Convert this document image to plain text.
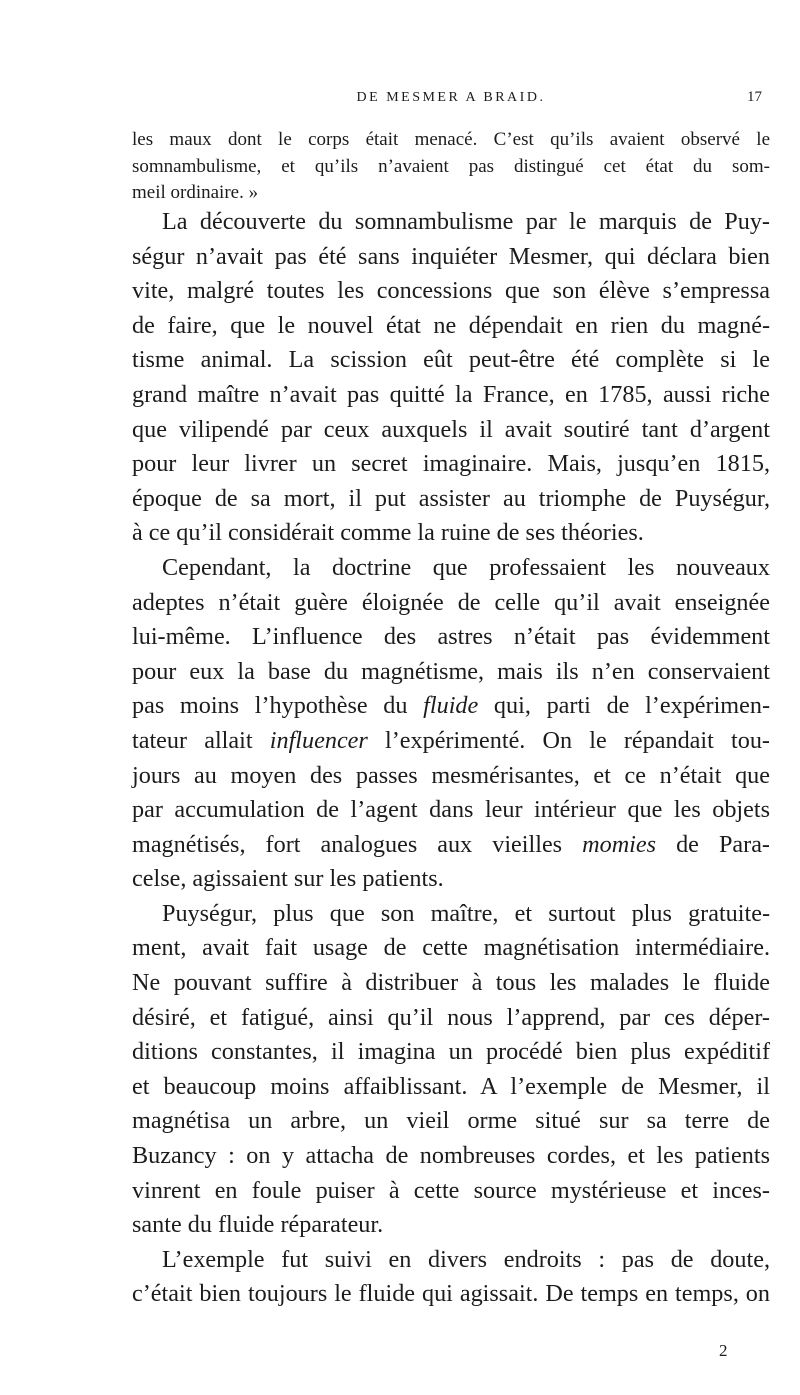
DE MESMER A BRAID.	17
les maux dont le corps était menacé. C’est qu’ils avaient observé le
somnambulisme, et qu’ils n’avaient pas distingué cet état du som-
meil ordinaire. »
La découverte du somnambulisme par le marquis de Puy-
ségur n’avait pas été sans inquiéter Mesmer, qui déclara bien
vite, malgré toutes les concessions que son élève s’empressa
de faire, que le nouvel état ne dépendait en rien du magné-
tisme animal. La scission eût peut-être été complète si le
grand maître n’avait pas quitté la France, en 1785, aussi riche
que vilipendé par ceux auxquels il avait soutiré tant d’argent
pour leur livrer un secret imaginaire. Mais, jusqu’en 1815,
époque de sa mort, il put assister au triomphe de Puységur,
à ce qu’il considérait comme la ruine de ses théories.
Cependant, la doctrine que professaient les nouveaux
adeptes n’était guère éloignée de celle qu’il avait enseignée
lui-même. L’influence des astres n’était pas évidemment
pour eux la base du magnétisme, mais ils n’en conservaient
pas moins l’hypothèse du fluide qui, parti de l’expérimen-
tateur allait influencer l’expérimenté. On le répandait tou-
jours au moyen des passes mesmérisantes, et ce n’était que
par accumulation de l’agent dans leur intérieur que les objets
magnétisés, fort analogues aux vieilles momies de Para-
celse, agissaient sur les patients.
Puységur, plus que son maître, et surtout plus gratuite-
ment, avait fait usage de cette magnétisation intermédiaire.
Ne pouvant suffire à distribuer à tous les malades le fluide
désiré, et fatigué, ainsi qu’il nous l’apprend, par ces déper-
ditions constantes, il imagina un procédé bien plus expéditif
et beaucoup moins affaiblissant. A l’exemple de Mesmer, il
magnétisa un arbre, un vieil orme situé sur sa terre de
Buzancy : on y attacha de nombreuses cordes, et les patients
vinrent en foule puiser à cette source mystérieuse et inces-
sante du fluide réparateur.
L’exemple fut suivi en divers endroits : pas de doute,
c’était bien toujours le fluide qui agissait. De temps en temps, on
2
